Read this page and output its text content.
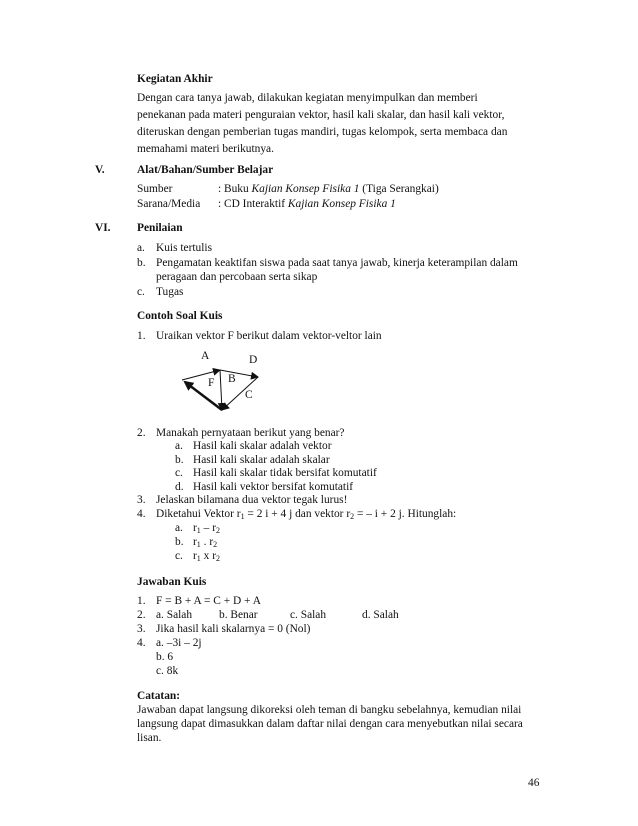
Kegiatan Akhir
Dengan cara tanya jawab, dilakukan kegiatan menyimpulkan dan memberi
penekanan pada materi penguraian vektor, hasil kali skalar, dan hasil kali vektor,
diteruskan dengan pemberian tugas mandiri, tugas kelompok, serta membaca dan
memahami materi berikutnya.
V.	Alat/Bahan/Sumber Belajar
Sumber	: Buku Kajian Konsep Fisika 1 (Tiga Serangkai)
Sarana/Media : CD Interaktif Kajian Konsep Fisika 1
VI. Penilaian
a. Kuis tertulis
b. Pengamatan keaktifan siswa pada saat tanya jawab, kinerja keterampilan dalam
peragaan dan percobaan serta sikap
c. Tugas
Contoh Soal Kuis
1. Uraikan vektor F berikut dalam vektor-veltor lain
A	D
F B
C
2. Manakah pernyataan berikut yang benar?
a. Hasil kali skalar adalah vektor
b. Hasil kali skalar adalah skalar
c. Hasil kali skalar tidak bersifat komutatif
d. Hasil kali vektor bersifat komutatif
3. Jelaskan bilamana dua vektor tegak lurus!
4. Diketahui Vektor $r_1 = 2$ i + 4 j dan vektor $r_2$ = – i + 2 j. Hitunglah:
a. $r_1 - r_2$
b. $r_1$ . $r_2$
c. $r_1$ x $r_2$
Jawaban Kuis
1. F = B + A = C + D + A
2. a. Salah b. Benar	c. Salah	d. Salah
3. Jika hasil kali skalarnya = 0 (Nol)
4. a. –3i – 2j
b. 6
c. 8k
Catatan:
Jawaban dapat langsung dikoreksi oleh teman di bangku sebelahnya, kemudian nilai
langsung dapat dimasukkan dalam daftar nilai dengan cara menyebutkan nilai secara
lisan.
46
